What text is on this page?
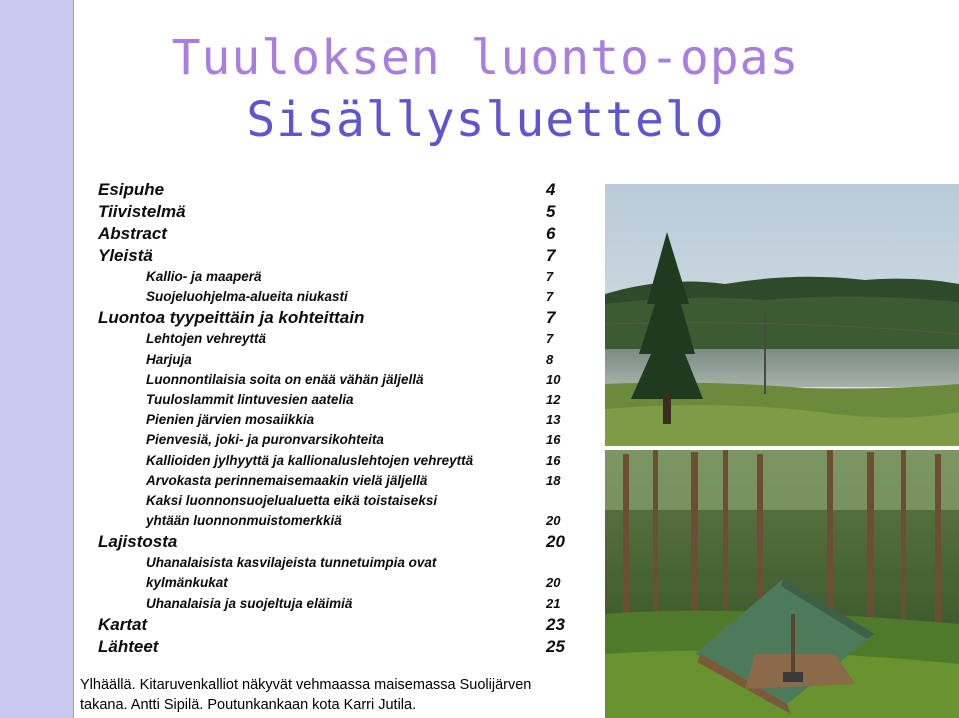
Tuuloksen luonto-opas
Sisällysluettelo
Esipuhe	4
Tiivistelmä	5
Abstract	6
Yleistä	7
Kallio- ja maaperä	7
Suojeluohjelma-alueita niukasti	7
Luontoa tyypeittäin ja kohteittain	7
Lehtojen vehreyttä	7
Harjuja	8
Luonnontilaisia soita on enää vähän jäljellä	10
Tuuloslammit lintuvesien aatelia	12
Pienien järvien mosaiikkia	13
Pienvesiä, joki- ja puronvarsikohteita	16
Kallioiden jylhyyttä ja kallionaluslehtojen vehreyttä	16
Arvokasta perinnemaisemaakin vielä jäljellä	18
Kaksi luonnonsuojelualuetta eikä toistaiseksi
yhtään luonnonmuistomerkkiä	20
Lajistosta	20
Uhanalaisista kasvilajeista tunnetuimpia ovat
kylmänkukat	20
Uhanalaisia ja suojeltuja eläimiä	21
Kartat	23
Lähteet	25
Ylhäällä. Kitaruvenkalliot näkyvät vehmaassa maisemassa Suolijärven
takana. Antti Sipilä. Poutunkankaan kota Karri Jutila.
